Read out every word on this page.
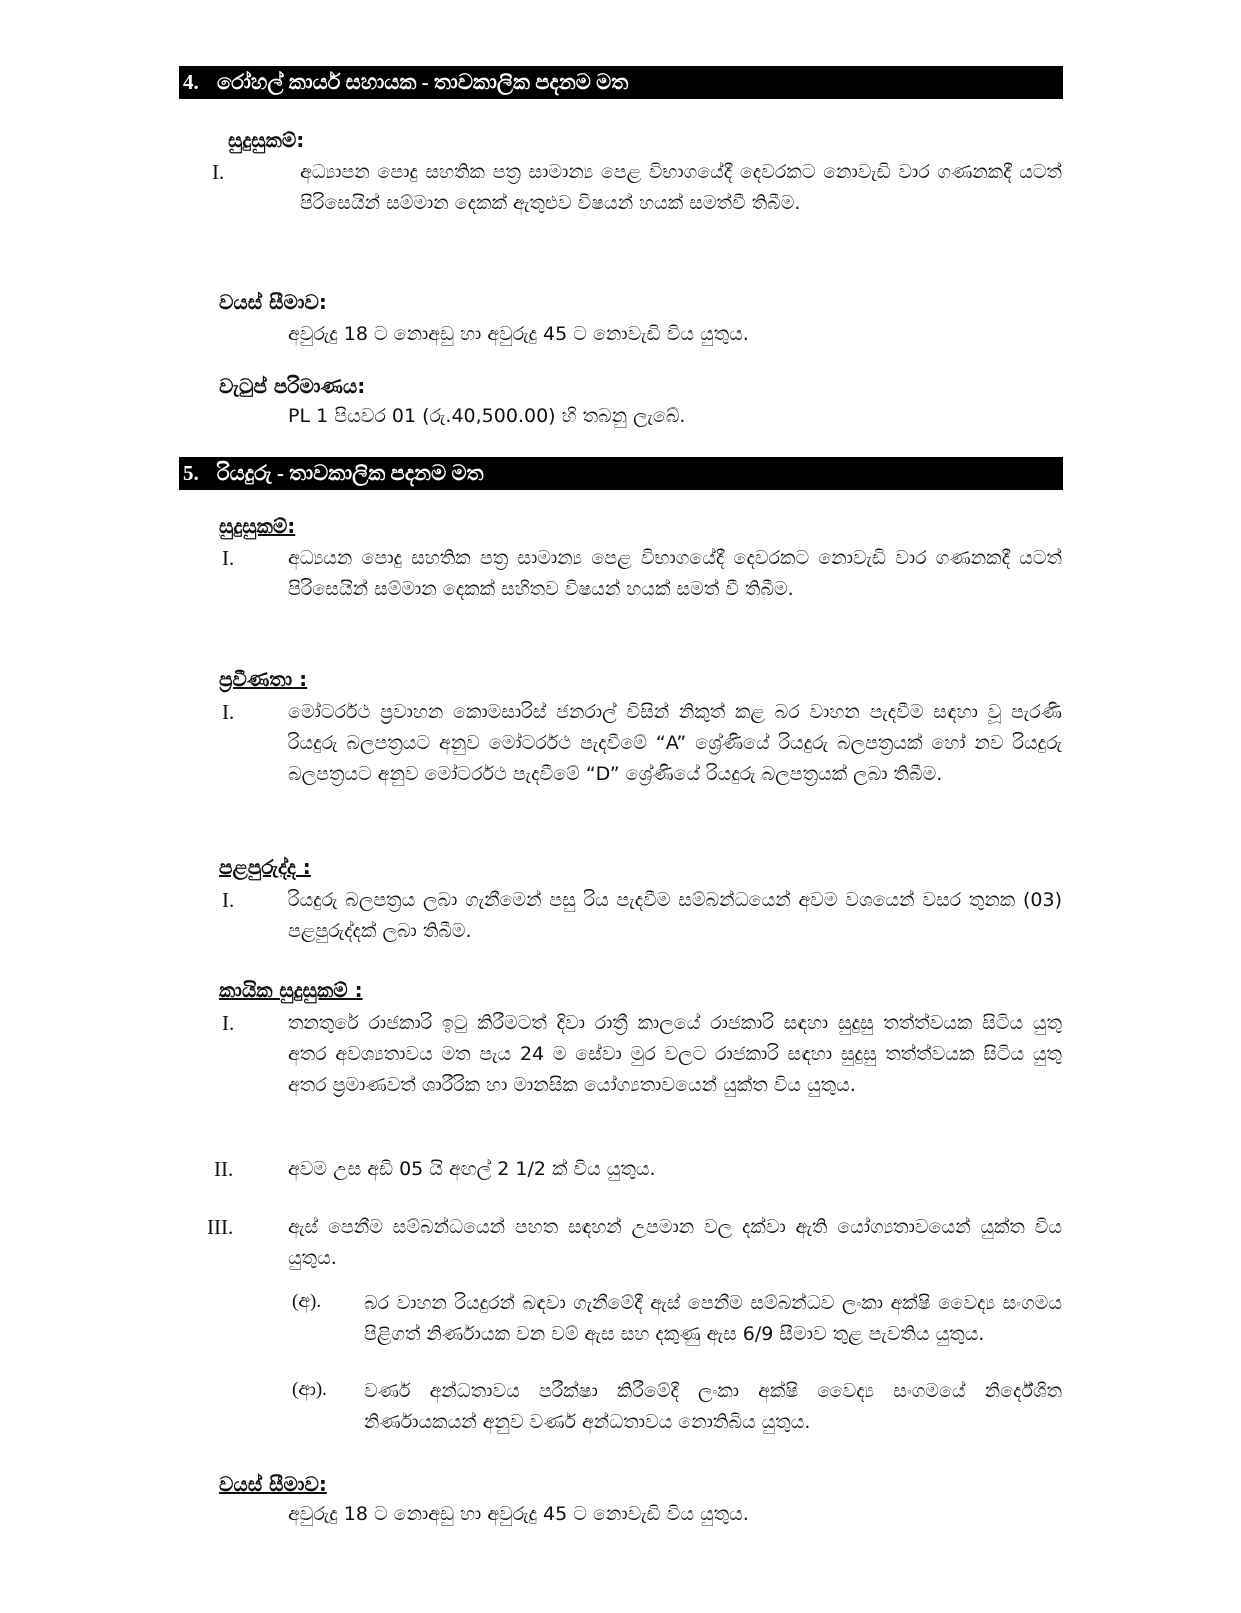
4. රෝහල් කාර්ය සහායක - තාවකාලික පදනම මත
සුදුසුකම්:
I.	අධ්‍යාපන පොදු සහතික පත්‍ර සාමාන්‍ය පෙළ විභාගයේදී දෙවරකට නොවැඩි වාර ගණනකදී යටත් පිරිසෙයින් සම්මාන දෙකක් ඇතුළුව විෂයන් හයක් සමත්වී තිබීම.
වයස් සීමාව:
අවුරුදු 18 ට නොඅඩු හා අවුරුදු 45 ට නොවැඩි විය යුතුය.
වැටුප් පරිමාණය:
PL 1 පියවර 01 (රු.40,500.00) හි තබනු ලැබේ.
5. රියදුරු - තාවකාලික පදනම මත
සුදුසුකම්:
I.	අධ්‍යයන පොදු සහතික පත්‍ර සාමාන්‍ය පෙළ විභාගයේදී දෙවරකට නොවැඩි වාර ගණනකදී යටත් පිරිසෙයින් සම්මාන දෙකක් සහිතව විෂයන් හයක් සමත් වී තිබීම.
ප්‍රවීණතා :
I.	මෝටර්රථ ප්‍රවාහන කොමසාරිස් ජනරාල් විසින් නිකුත් කළ බර වාහන පැදවීම සඳහා වූ පැරණි රියදුරු බලපත්‍රයට අනුව මෝටර්රථ පැදවීමේ “A” ශ්‍රේණියේ රියදුරු බලපත්‍රයක් හෝ නව රියදුරු බලපත්‍රයට අනුව මෝටර්රථ පැදවීමේ “D” ශ්‍රේණියේ රියදුරු බලපත්‍රයක් ලබා තිබීම.
පළපුරුද්ද :
I.	රියදුරු බලපත්‍රය ලබා ගැනීමෙන් පසු රිය පැදවීම සම්බන්ධයෙන් අවම වශයෙන් වසර තුනක (03) පළපුරුද්දක් ලබා තිබීම.
කායික සුදුසුකම් :
I.	තනතුරේ රාජකාරි ඉටු කිරීමටත් දිවා රාත්‍රී කාලයේ රාජකාරි සඳහා සුදුසු තත්ත්වයක සිටිය යුතු අතර අවශ්‍යතාවය මත පැය 24 ම සේවා මුර වලට රාජකාරි සඳහා සුදුසු තත්ත්වයක සිටිය යුතු අතර ප්‍රමාණවත් ශාරීරික හා මානසික යෝග්‍යතාවයෙන් යුක්ත විය යුතුය.
II.	අවම උස අඩි 05 යි අඟල් 2 1/2 ක් විය යුතුය.
III.	ඇස් පෙනීම සම්බන්ධයෙන් පහත සඳහන් උපමාන වල දක්වා ඇති යෝග්‍යතාවයෙන් යුක්ත විය යුතුය.
(අ). බර වාහන රියදුරන් බඳවා ගැනීමේදී ඇස් පෙනීම සම්බන්ධව ලංකා අක්ෂි වෛද්‍ය සංගමය පිළිගත් නිර්ණායක වන වම් ඇස සහ දකුණු ඇස 6/9 සීමාව තුළ පැවතිය යුතුය.
(ආ). වර්ණ අන්ධතාවය පරීක්ෂා කිරීමේදී ලංකා අක්ෂි වෛද්‍ය සංගමයේ නිර්දේශිත නිර්ණායකයන් අනුව වර්ණ අන්ධතාවය නොතිබිය යුතුය.
වයස් සීමාව:
අවුරුදු 18 ට නොඅඩු හා අවුරුදු 45 ට නොවැඩි විය යුතුය.
